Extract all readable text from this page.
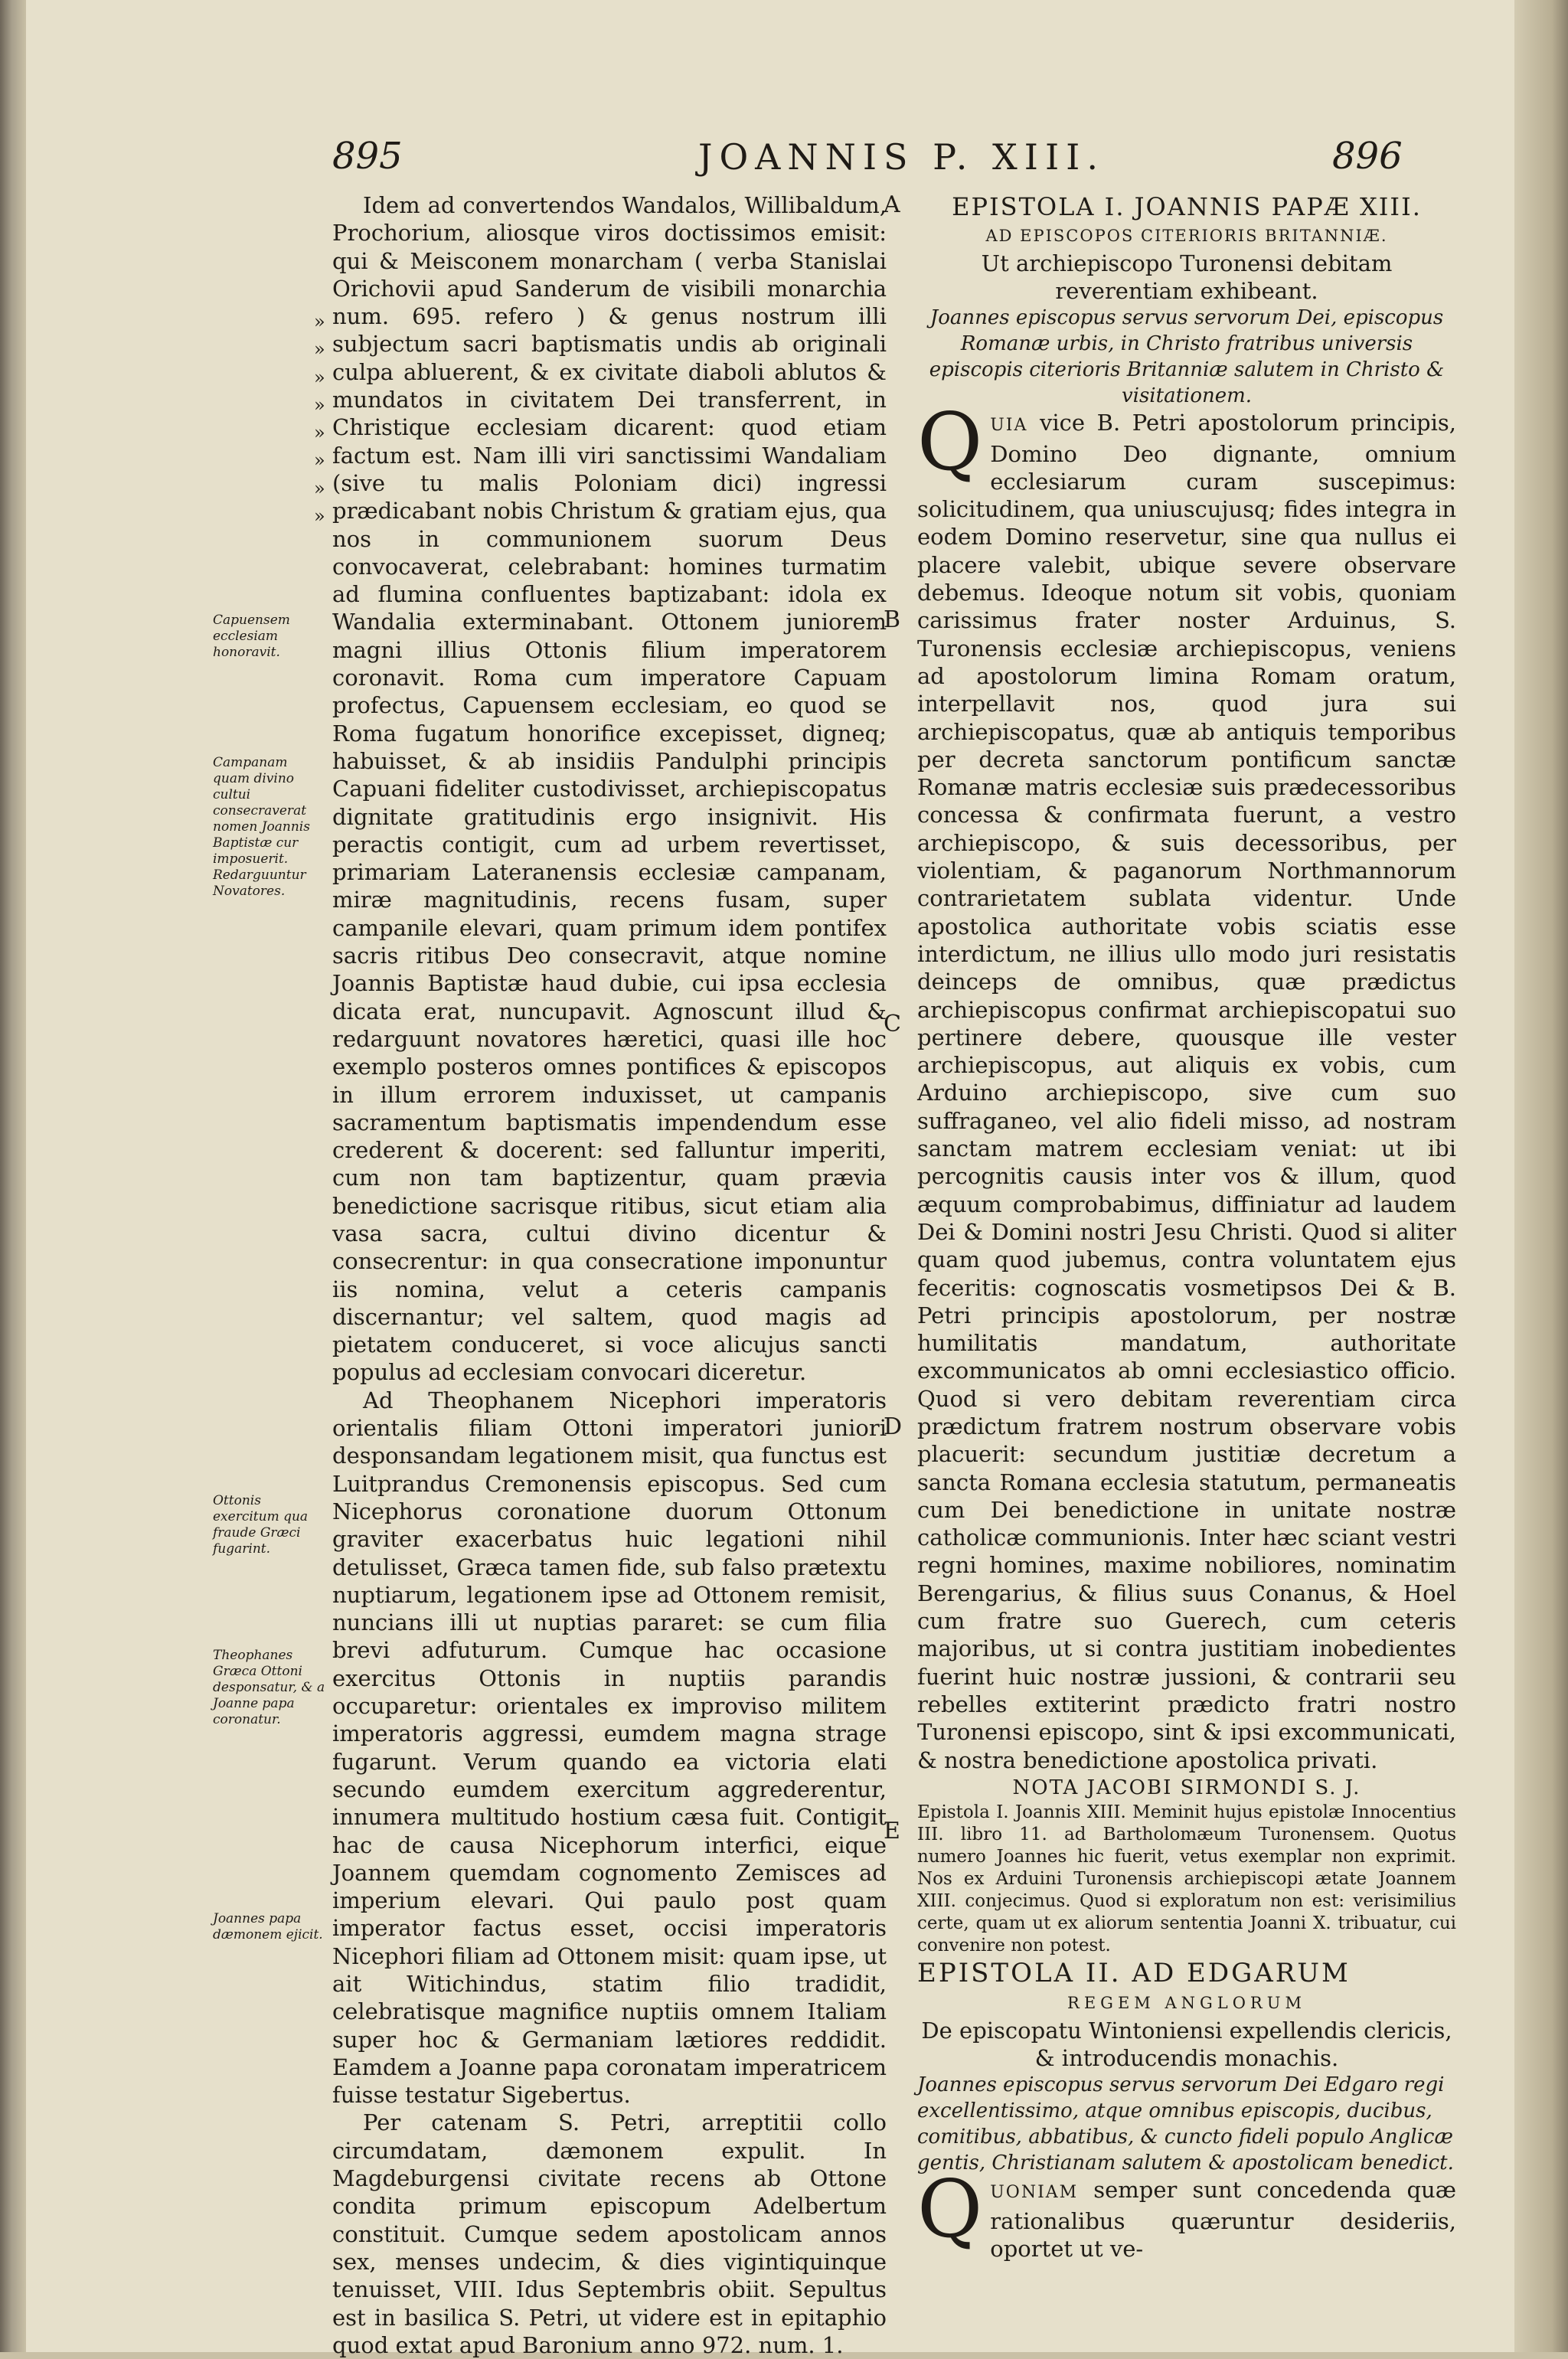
895	JOANNIS P. XIII.	896
Capuensem ecclesiam honoravit.
Campanam quam divino cultui consecraverat nomen Joannis Baptistæ cur imposuerit. Redarguuntur Novatores.
Ottonis exercitum qua fraude Græci fugarint.
Theophanes Græca Ottoni desponsatur, & a Joanne papa coronatur.
Joannes papa dæmonem ejicit.
»
»
»
»
»
»
»
»

Idem ad convertendos Wandalos, Willibaldum, Prochorium, aliosque viros doctissimos emisit: qui & Meisconem monarcham ( verba Stanislai Orichovii apud Sanderum de visibili monarchia num. 695. refero ) & genus nostrum illi subjectum sacri baptismatis undis ab originali culpa abluerent, & ex civitate diaboli ablutos & mundatos in civitatem Dei transferrent, in Christique ecclesiam dicarent: quod etiam factum est. Nam illi viri sanctissimi Wandaliam (sive tu malis Poloniam dici) ingressi prædicabant nobis Christum & gratiam ejus, qua nos in communionem suorum Deus convocaverat, celebrabant: homines turmatim ad flumina confluentes baptizabant: idola ex Wandalia exterminabant. Ottonem juniorem magni illius Ottonis filium imperatorem coronavit. Roma cum imperatore Capuam profectus, Capuensem ecclesiam, eo quod se Roma fugatum honorifice excepisset, digneq; habuisset, & ab insidiis Pandulphi principis Capuani fideliter custodivisset, archiepiscopatus dignitate gratitudinis ergo insignivit. His peractis contigit, cum ad urbem revertisset, primariam Lateranensis ecclesiæ campanam, miræ magnitudinis, recens fusam, super campanile elevari, quam primum idem pontifex sacris ritibus Deo consecravit, atque nomine Joannis Baptistæ haud dubie, cui ipsa ecclesia dicata erat, nuncupavit. Agnoscunt illud & redarguunt novatores hæretici, quasi ille hoc exemplo posteros omnes pontifices & episcopos in illum errorem induxisset, ut campanis sacramentum baptismatis impendendum esse crederent & docerent: sed falluntur imperiti, cum non tam baptizentur, quam prævia benedictione sacrisque ritibus, sicut etiam alia vasa sacra, cultui divino dicentur & consecrentur: in qua consecratione imponuntur iis nomina, velut a ceteris campanis discernantur; vel saltem, quod magis ad pietatem conduceret, si voce alicujus sancti populus ad ecclesiam convocari diceretur.

Ad Theophanem Nicephori imperatoris orientalis filiam Ottoni imperatori juniori desponsandam legationem misit, qua functus est Luitprandus Cremonensis episcopus. Sed cum Nicephorus coronatione duorum Ottonum graviter exacerbatus huic legationi nihil detulisset, Græca tamen fide, sub falso prætextu nuptiarum, legationem ipse ad Ottonem remisit, nuncians illi ut nuptias pararet: se cum filia brevi adfuturum. Cumque hac occasione exercitus Ottonis in nuptiis parandis occuparetur: orientales ex improviso militem imperatoris aggressi, eumdem magna strage fugarunt. Verum quando ea victoria elati secundo eumdem exercitum aggrederentur, innumera multitudo hostium cæsa fuit. Contigit hac de causa Nicephorum interfici, eique Joannem quemdam cognomento Zemisces ad imperium elevari. Qui paulo post quam imperator factus esset, occisi imperatoris Nicephori filiam ad Ottonem misit: quam ipse, ut ait Witichindus, statim filio tradidit, celebratisque magnifice nuptiis omnem Italiam super hoc & Germaniam lætiores reddidit. Eamdem a Joanne papa coronatam imperatricem fuisse testatur Sigebertus.

Per catenam S. Petri, arreptitii collo circumdatam, dæmonem expulit. In Magdeburgensi civitate recens ab Ottone condita primum episcopum Adelbertum constituit. Cumque sedem apostolicam annos sex, menses undecim, & dies vigintiquinque tenuisset, VIII. Idus Septembris obiit. Sepultus est in basilica S. Petri, ut videre est in epitaphio quod extat apud Baronium anno 972. num. 1.

A
B
C
D
E

EPISTOLA I. JOANNIS PAPÆ XIII.

AD EPISCOPOS CITERIORIS BRITANNIÆ.

Ut archiepiscopo Turonensi debitam reverentiam exhibeant.

Joannes episcopus servus servorum Dei, episcopus Romanæ urbis, in Christo fratribus universis episcopis citerioris Britanniæ salutem in Christo & visitationem.

QUIA vice B. Petri apostolorum principis, Domino Deo dignante, omnium ecclesiarum curam suscepimus: solicitudinem, qua uniuscujusq; fides integra in eodem Domino reservetur, sine qua nullus ei placere valebit, ubique severe observare debemus. Ideoque notum sit vobis, quoniam carissimus frater noster Arduinus, S. Turonensis ecclesiæ archiepiscopus, veniens ad apostolorum limina Romam oratum, interpellavit nos, quod jura sui archiepiscopatus, quæ ab antiquis temporibus per decreta sanctorum pontificum sanctæ Romanæ matris ecclesiæ suis prædecessoribus concessa & confirmata fuerunt, a vestro archiepiscopo, & suis decessoribus, per violentiam, & paganorum Northmannorum contrarietatem sublata videntur. Unde apostolica authoritate vobis sciatis esse interdictum, ne illius ullo modo juri resistatis deinceps de omnibus, quæ prædictus archiepiscopus confirmat archiepiscopatui suo pertinere debere, quousque ille vester archiepiscopus, aut aliquis ex vobis, cum Arduino archiepiscopo, sive cum suo suffraganeo, vel alio fideli misso, ad nostram sanctam matrem ecclesiam veniat: ut ibi percognitis causis inter vos & illum, quod æquum comprobabimus, diffiniatur ad laudem Dei & Domini nostri Jesu Christi. Quod si aliter quam quod jubemus, contra voluntatem ejus feceritis: cognoscatis vosmetipsos Dei & B. Petri principis apostolorum, per nostræ humilitatis mandatum, authoritate excommunicatos ab omni ecclesiastico officio. Quod si vero debitam reverentiam circa prædictum fratrem nostrum observare vobis placuerit: secundum justitiæ decretum a sancta Romana ecclesia statutum, permaneatis cum Dei benedictione in unitate nostræ catholicæ communionis. Inter hæc sciant vestri regni homines, maxime nobiliores, nominatim Berengarius, & filius suus Conanus, & Hoel cum fratre suo Guerech, cum ceteris majoribus, ut si contra justitiam inobedientes fuerint huic nostræ jussioni, & contrarii seu rebelles extiterint prædicto fratri nostro Turonensi episcopo, sint & ipsi excommunicati, & nostra benedictione apostolica privati.

NOTA JACOBI SIRMONDI S. J.

Epistola I. Joannis XIII. Meminit hujus epistolæ Innocentius III. libro 11. ad Bartholomæum Turonensem. Quotus numero Joannes hic fuerit, vetus exemplar non exprimit. Nos ex Arduini Turonensis archiepiscopi ætate Joannem XIII. conjecimus. Quod si exploratum non est: verisimilius certe, quam ut ex aliorum sententia Joanni X. tribuatur, cui convenire non potest.

EPISTOLA II. AD EDGARUM

REGEM ANGLORUM

De episcopatu Wintoniensi expellendis clericis, & introducendis monachis.

Joannes episcopus servus servorum Dei Edgaro regi excellentissimo, atque omnibus episcopis, ducibus, comitibus, abbatibus, & cuncto fideli populo Anglicæ gentis, Christianam salutem & apostolicam benedict.

QUONIAM semper sunt concedenda quæ rationalibus quæruntur desideriis, oportet ut ve-
